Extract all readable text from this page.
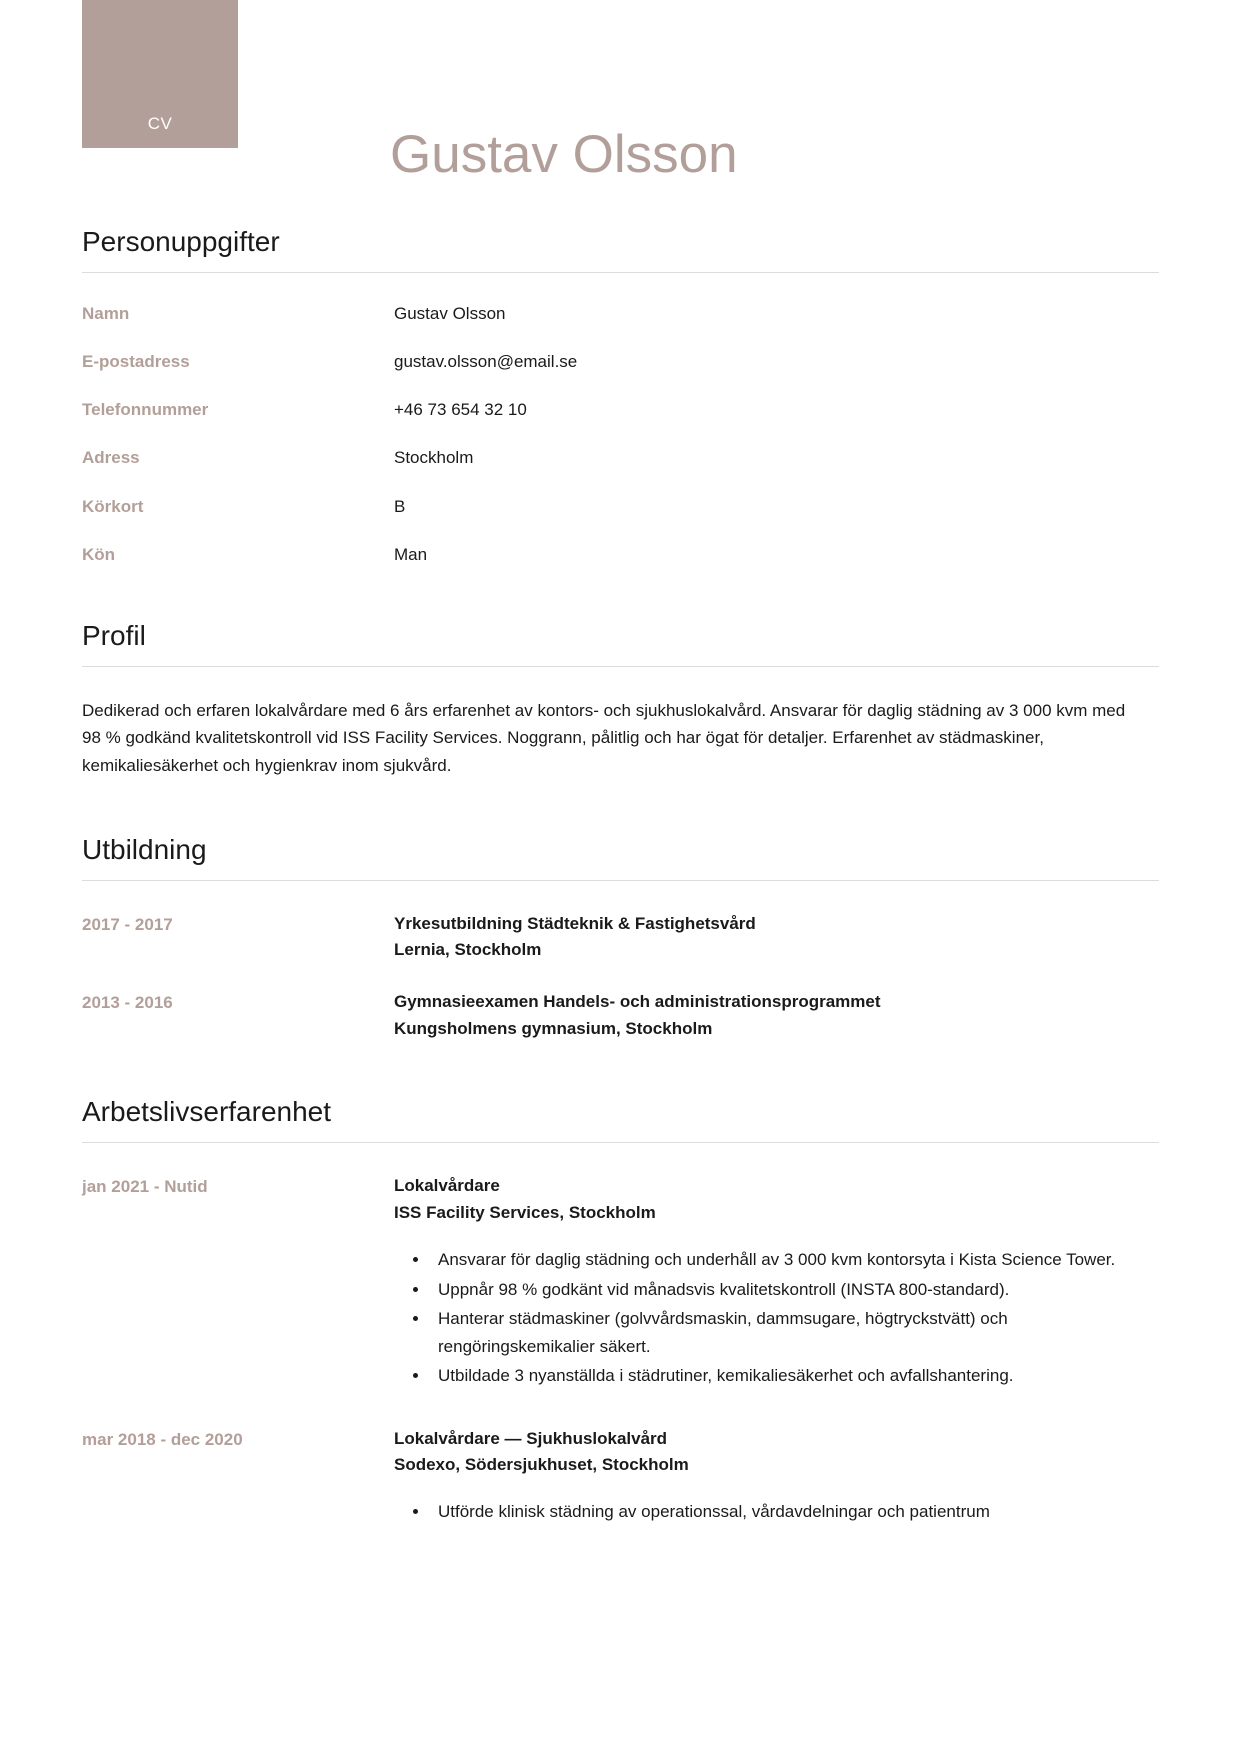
CV
Gustav Olsson
Personuppgifter
Namn	Gustav Olsson
E-postadress	gustav.olsson@email.se
Telefonnummer	+46 73 654 32 10
Adress	Stockholm
Körkort	B
Kön	Man
Profil

Dedikerad och erfaren lokalvårdare med 6 års erfarenhet av kontors- och sjukhuslokalvård. Ansvarar för daglig städning av 3 000 kvm med 98 % godkänd kvalitetskontroll vid ISS Facility Services. Noggrann, pålitlig och har ögat för detaljer. Erfarenhet av städmaskiner, kemikaliesäkerhet och hygienkrav inom sjukvård.

Utbildning
2017 - 2017	Yrkesutbildning Städteknik & Fastighetsvård
Lernia, Stockholm
2013 - 2016	Gymnasieexamen Handels- och administrationsprogrammet
Kungsholmens gymnasium, Stockholm
Arbetslivserfarenhet
jan 2021 - Nutid	Lokalvårdare
ISS Facility Services, Stockholm
• Ansvarar för daglig städning och underhåll av 3 000 kvm kontorsyta i Kista Science Tower.
• Uppnår 98 % godkänt vid månadsvis kvalitetskontroll (INSTA 800-standard).
• Hanterar städmaskiner (golvvårdsmaskin, dammsugare, högtryckstvätt) och rengöringskemikalier säkert.
• Utbildade 3 nyanställda i städrutiner, kemikaliesäkerhet och avfallshantering.
mar 2018 - dec 2020	Lokalvårdare — Sjukhuslokalvård
Sodexo, Södersjukhuset, Stockholm
• Utförde klinisk städning av operationssal, vårdavdelningar och patientrum
